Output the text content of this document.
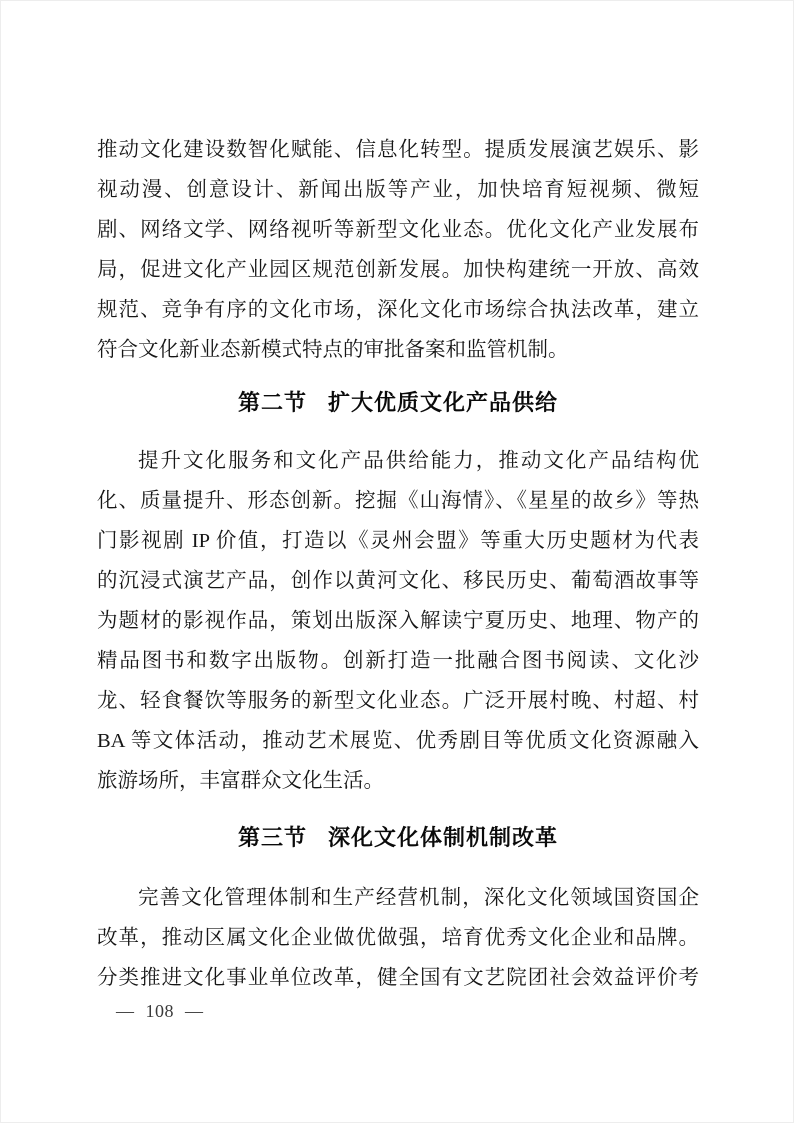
推动文化建设数智化赋能、信息化转型。提质发展演艺娱乐、影
视动漫、创意设计、新闻出版等产业，加快培育短视频、微短
剧、网络文学、网络视听等新型文化业态。优化文化产业发展布
局，促进文化产业园区规范创新发展。加快构建统一开放、高效
规范、竞争有序的文化市场，深化文化市场综合执法改革，建立
符合文化新业态新模式特点的审批备案和监管机制。
第二节 扩大优质文化产品供给
提升文化服务和文化产品供给能力，推动文化产品结构优
化、质量提升、形态创新。挖掘《山海情》、《星星的故乡》等热
门影视剧 IP 价值，打造以《灵州会盟》等重大历史题材为代表
的沉浸式演艺产品，创作以黄河文化、移民历史、葡萄酒故事等
为题材的影视作品，策划出版深入解读宁夏历史、地理、物产的
精品图书和数字出版物。创新打造一批融合图书阅读、文化沙
龙、轻食餐饮等服务的新型文化业态。广泛开展村晚、村超、村
BA 等文体活动，推动艺术展览、优秀剧目等优质文化资源融入
旅游场所，丰富群众文化生活。
第三节 深化文化体制机制改革
完善文化管理体制和生产经营机制，深化文化领域国资国企
改革，推动区属文化企业做优做强，培育优秀文化企业和品牌。
分类推进文化事业单位改革，健全国有文艺院团社会效益评价考
— 108 —
